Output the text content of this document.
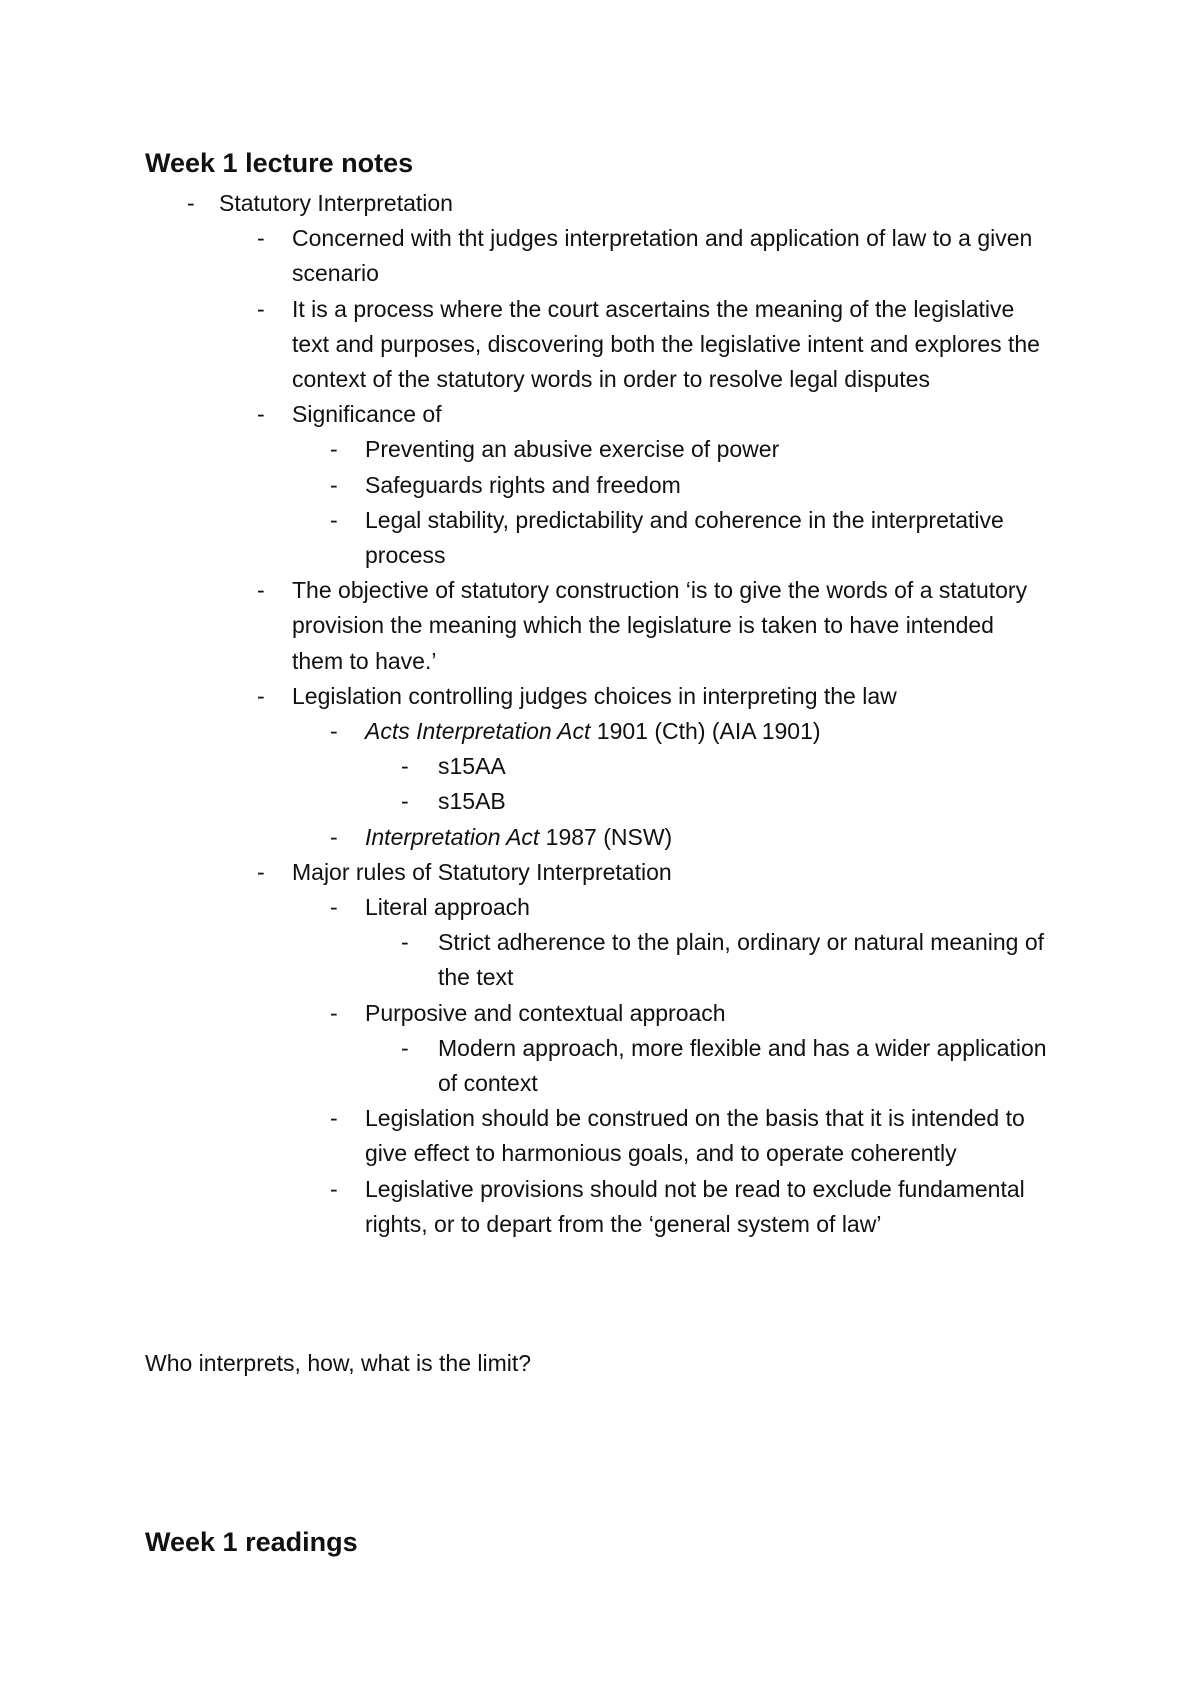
Week 1 lecture notes
- Statutory Interpretation
- Concerned with tht judges interpretation and application of law to a given scenario
- It is a process where the court ascertains the meaning of the legislative text and purposes, discovering both the legislative intent and explores the context of the statutory words in order to resolve legal disputes
- Significance of
- Preventing an abusive exercise of power
- Safeguards rights and freedom
- Legal stability, predictability and coherence in the interpretative process
- The objective of statutory construction ‘is to give the words of a statutory provision the meaning which the legislature is taken to have intended them to have.’
- Legislation controlling judges choices in interpreting the law
- Acts Interpretation Act 1901 (Cth) (AIA 1901)
- s15AA
- s15AB
- Interpretation Act 1987 (NSW)
- Major rules of Statutory Interpretation
- Literal approach
- Strict adherence to the plain, ordinary or natural meaning of the text
- Purposive and contextual approach
- Modern approach, more flexible and has a wider application of context
- Legislation should be construed on the basis that it is intended to give effect to harmonious goals, and to operate coherently
- Legislative provisions should not be read to exclude fundamental rights, or to depart from the ‘general system of law’

Who interprets, how, what is the limit?

Week 1 readings
